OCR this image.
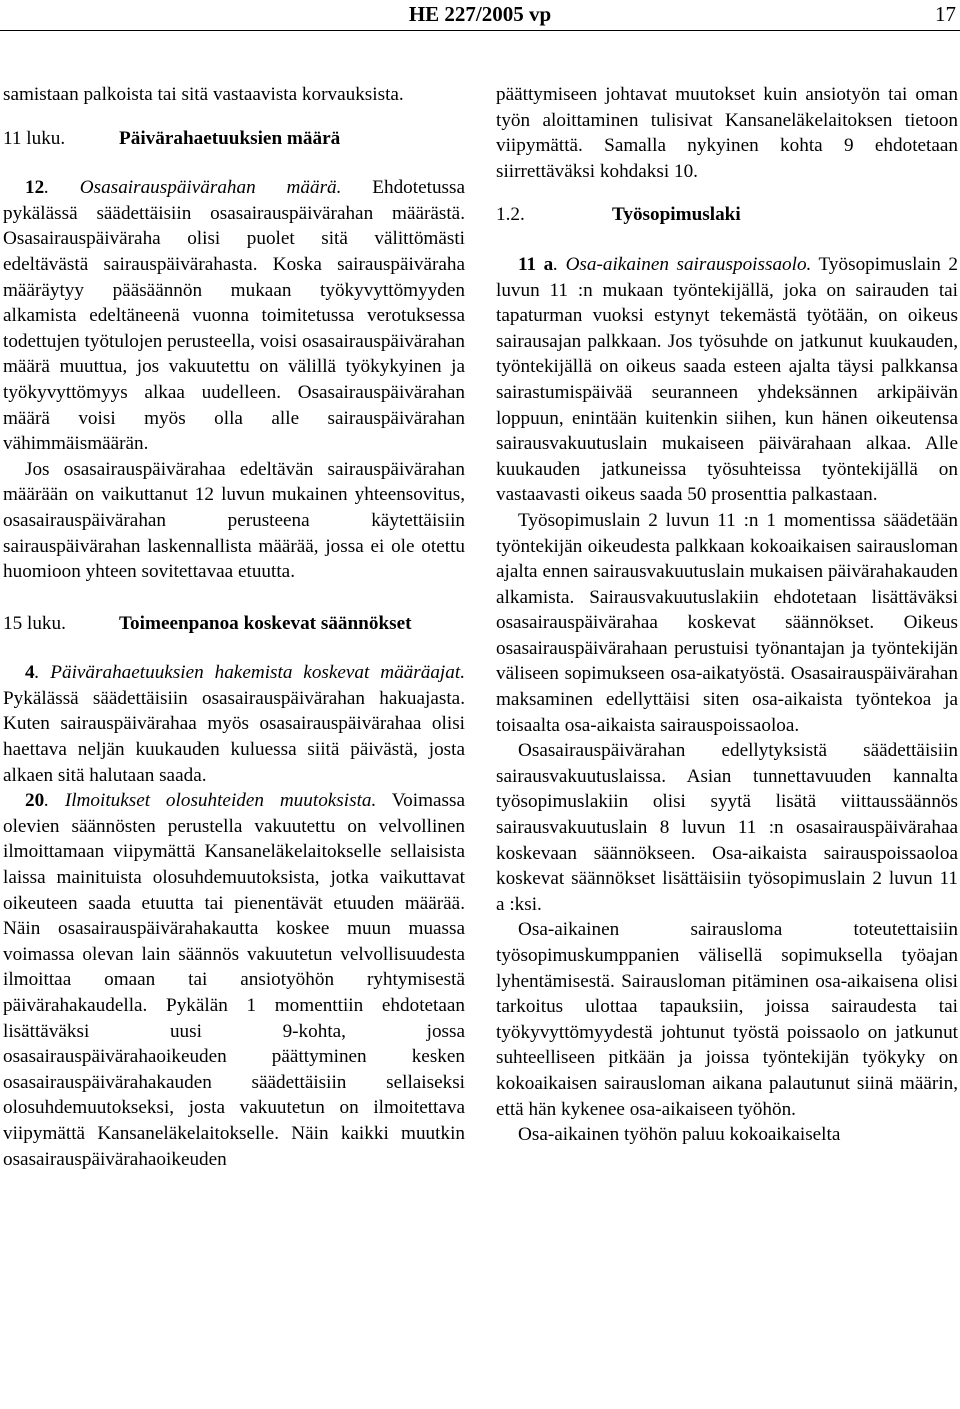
HE 227/2005 vp	17

samistaan palkoista tai sitä vastaavista korvauksista.

11 luku.	Päivärahaetuuksien määrä

12. Osasairauspäivärahan määrä. Ehdotetussa pykälässä säädettäisiin osasairauspäivärahan määrästä. Osasairauspäiväraha olisi puolet sitä välittömästi edeltävästä sairauspäivärahasta. Koska sairauspäiväraha määräytyy pääsäännön mukaan työkyvyttömyyden alkamista edeltäneenä vuonna toimitetussa verotuksessa todettujen työtulojen perusteella, voisi osasairauspäivärahan määrä muuttua, jos vakuutettu on välillä työkykyinen ja työkyvyttömyys alkaa uudelleen. Osasairauspäivärahan määrä voisi myös olla alle sairauspäivärahan vähimmäismäärän.

Jos osasairauspäivärahaa edeltävän sairauspäivärahan määrään on vaikuttanut 12 luvun mukainen yhteensovitus, osasairauspäivärahan perusteena käytettäisiin sairauspäivärahan laskennallista määrää, jossa ei ole otettu huomioon yhteen sovitettavaa etuutta.

15 luku.	Toimeenpanoa koskevat säännökset

4. Päivärahaetuuksien hakemista koskevat määräajat. Pykälässä säädettäisiin osasairauspäivärahan hakuajasta. Kuten sairauspäivärahaa myös osasairauspäivärahaa olisi haettava neljän kuukauden kuluessa siitä päivästä, josta alkaen sitä halutaan saada.

20. Ilmoitukset olosuhteiden muutoksista. Voimassa olevien säännösten perustella vakuutettu on velvollinen ilmoittamaan viipymättä Kansaneläkelaitokselle sellaisista laissa mainituista olosuhdemuutoksista, jotka vaikuttavat oikeuteen saada etuutta tai pienentävät etuuden määrää. Näin osasairauspäivärahakautta koskee muun muassa voimassa olevan lain säännös vakuutetun velvollisuudesta ilmoittaa omaan tai ansiotyöhön ryhtymisestä päivärahakaudella. Pykälän 1 momenttiin ehdotetaan lisättäväksi uusi 9-kohta, jossa osasairauspäivärahaoikeuden päättyminen kesken osasairauspäivärahakauden säädettäisiin sellaiseksi olosuhdemuutokseksi, josta vakuutetun on ilmoitettava viipymättä Kansaneläkelaitokselle. Näin kaikki muutkin osasairauspäivärahaoikeuden

päättymiseen johtavat muutokset kuin ansiotyön tai oman työn aloittaminen tulisivat Kansaneläkelaitoksen tietoon viipymättä. Samalla nykyinen kohta 9 ehdotetaan siirrettäväksi kohdaksi 10.

1.2.	Työsopimuslaki

11 a. Osa-aikainen sairauspoissaolo. Työsopimuslain 2 luvun 11 :n mukaan työntekijällä, joka on sairauden tai tapaturman vuoksi estynyt tekemästä työtään, on oikeus sairausajan palkkaan. Jos työsuhde on jatkunut kuukauden, työntekijällä on oikeus saada esteen ajalta täysi palkkansa sairastumispäivää seuranneen yhdeksännen arkipäivän loppuun, enintään kuitenkin siihen, kun hänen oikeutensa sairausvakuutuslain mukaiseen päivärahaan alkaa. Alle kuukauden jatkuneissa työsuhteissa työntekijällä on vastaavasti oikeus saada 50 prosenttia palkastaan.

Työsopimuslain 2 luvun 11 :n 1 momentissa säädetään työntekijän oikeudesta palkkaan kokoaikaisen sairausloman ajalta ennen sairausvakuutuslain mukaisen päivärahakauden alkamista. Sairausvakuutuslakiin ehdotetaan lisättäväksi osasairauspäivärahaa koskevat säännökset. Oikeus osasairauspäivärahaan perustuisi työnantajan ja työntekijän väliseen sopimukseen osa-aikatyöstä. Osasairauspäivärahan maksaminen edellyttäisi siten osa-aikaista työntekoa ja toisaalta osa-aikaista sairauspoissaoloa.

Osasairauspäivärahan edellytyksistä säädettäisiin sairausvakuutuslaissa. Asian tunnettavuuden kannalta työsopimuslakiin olisi syytä lisätä viittaussäännös sairausvakuutuslain 8 luvun 11 :n osasairauspäivärahaa koskevaan säännökseen. Osa-aikaista sairauspoissaoloa koskevat säännökset lisättäisiin työsopimuslain 2 luvun 11 a :ksi.

Osa-aikainen sairausloma toteutettaisiin työsopimuskumppanien välisellä sopimuksella työajan lyhentämisestä. Sairausloman pitäminen osa-aikaisena olisi tarkoitus ulottaa tapauksiin, joissa sairaudesta tai työkyvyttömyydestä johtunut työstä poissaolo on jatkunut suhteelliseen pitkään ja joissa työntekijän työkyky on kokoaikaisen sairausloman aikana palautunut siinä määrin, että hän kykenee osa-aikaiseen työhön.

Osa-aikainen työhön paluu kokoaikaiselta
